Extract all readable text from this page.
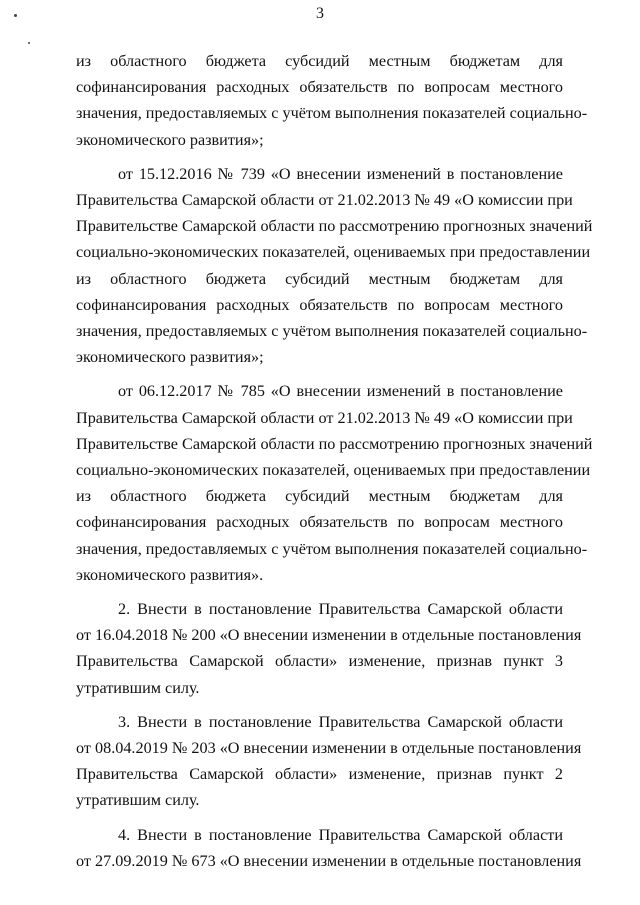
3
из областного бюджета субсидий местным бюджетам для
софинансирования расходных обязательств по вопросам местного
значения, предоставляемых с учётом выполнения показателей социально-
экономического развития»;
от 15.12.2016 № 739 «О внесении изменений в постановление
Правительства Самарской области от 21.02.2013 № 49 «О комиссии при
Правительстве Самарской области по рассмотрению прогнозных значений
социально-экономических показателей, оцениваемых при предоставлении
из областного бюджета субсидий местным бюджетам для
софинансирования расходных обязательств по вопросам местного
значения, предоставляемых с учётом выполнения показателей социально-
экономического развития»;
от 06.12.2017 № 785 «О внесении изменений в постановление
Правительства Самарской области от 21.02.2013 № 49 «О комиссии при
Правительстве Самарской области по рассмотрению прогнозных значений
социально-экономических показателей, оцениваемых при предоставлении
из областного бюджета субсидий местным бюджетам для
софинансирования расходных обязательств по вопросам местного
значения, предоставляемых с учётом выполнения показателей социально-
экономического развития».
2. Внести в постановление Правительства Самарской области
от 16.04.2018 № 200 «О внесении изменении в отдельные постановления
Правительства Самарской области» изменение, признав пункт 3
утратившим силу.
3. Внести в постановление Правительства Самарской области
от 08.04.2019 № 203 «О внесении изменении в отдельные постановления
Правительства Самарской области» изменение, признав пункт 2
утратившим силу.
4. Внести в постановление Правительства Самарской области
от 27.09.2019 № 673 «О внесении изменении в отдельные постановления
